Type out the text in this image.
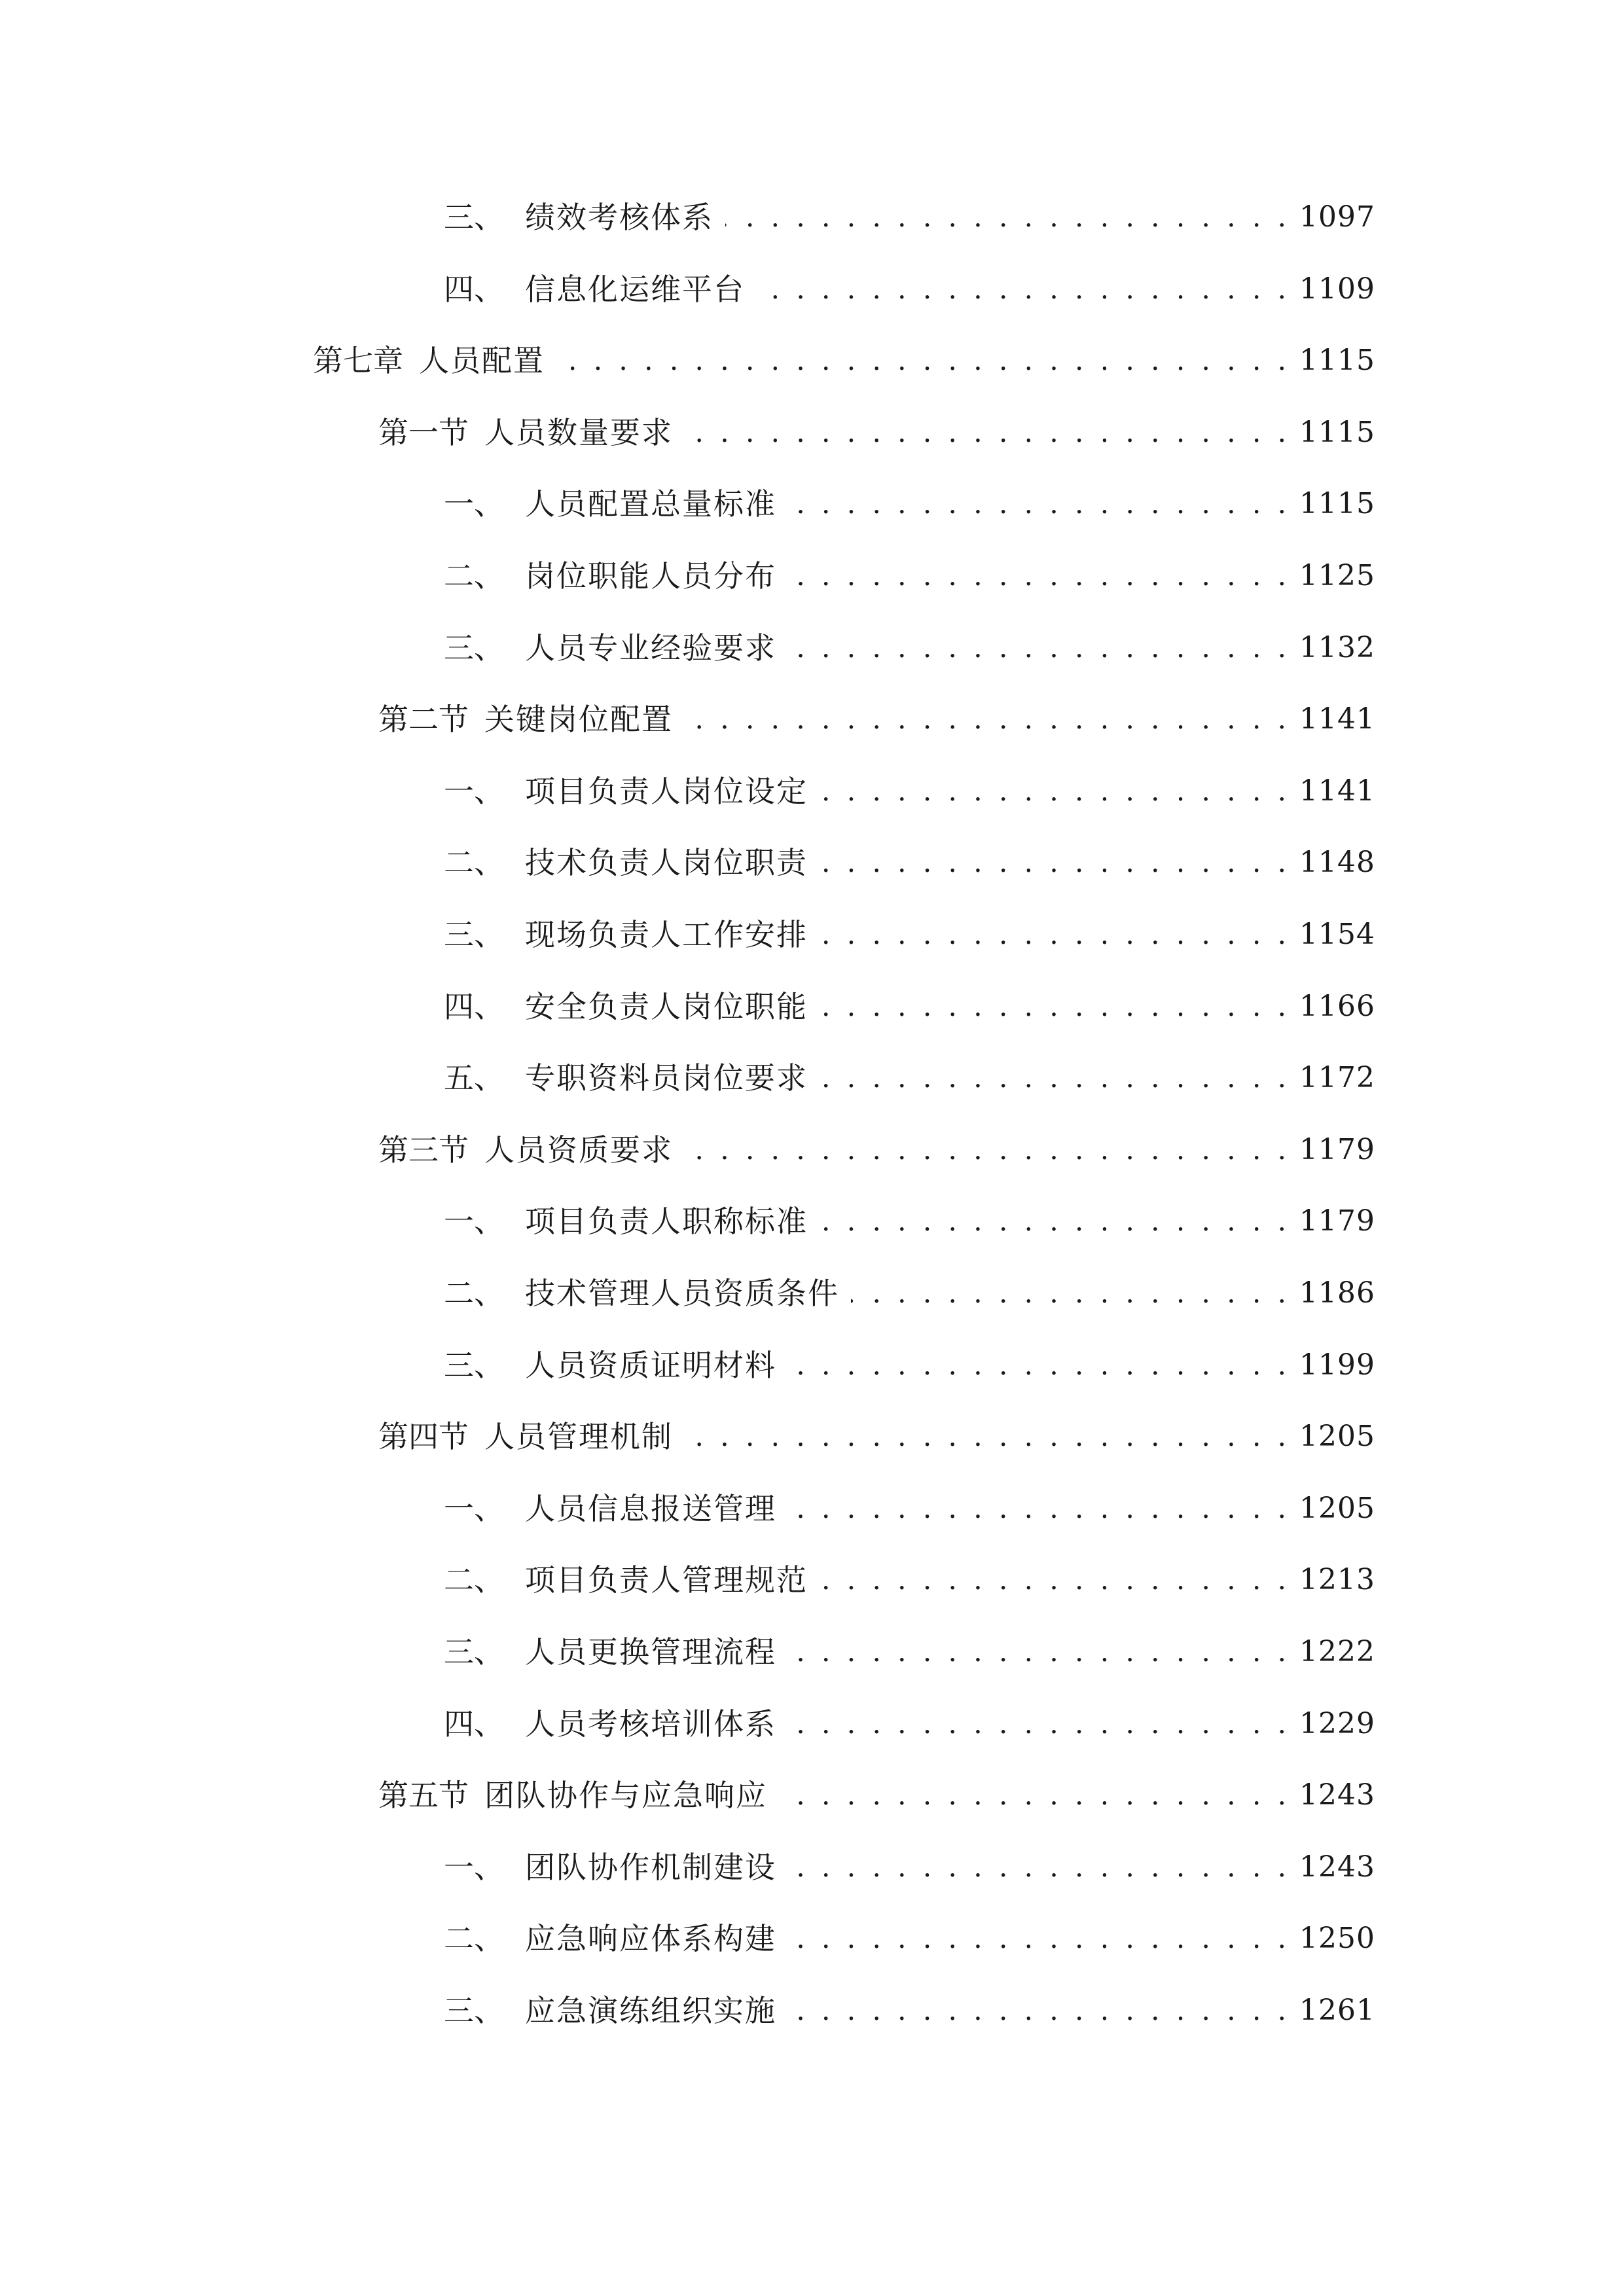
三、 绩效考核体系 . . .	1097
四、 信息化运维平台 . . .	1109
第七章 人员配置 . . .	1115
第一节 人员数量要求 . . .	1115
一、 人员配置总量标准 . . .	1115
二、 岗位职能人员分布 . . .	1125
三、 人员专业经验要求 . . .	1132
第二节 关键岗位配置 . . .	1141
一、 项目负责人岗位设定 . . .	1141
二、 技术负责人岗位职责 . . .	1148
三、 现场负责人工作安排 . . .	1154
四、 安全负责人岗位职能 . . .	1166
五、 专职资料员岗位要求 . . .	1172
第三节 人员资质要求 . . .	1179
一、 项目负责人职称标准 . . .	1179
二、 技术管理人员资质条件 . . .	1186
三、 人员资质证明材料 . . .	1199
第四节 人员管理机制 . . .	1205
一、 人员信息报送管理 . . .	1205
二、 项目负责人管理规范 . . .	1213
三、 人员更换管理流程 . . .	1222
四、 人员考核培训体系 . . .	1229
第五节 团队协作与应急响应 . . .	1243
一、 团队协作机制建设 . . .	1243
二、 应急响应体系构建 . . .	1250
三、 应急演练组织实施 . . .	1261
